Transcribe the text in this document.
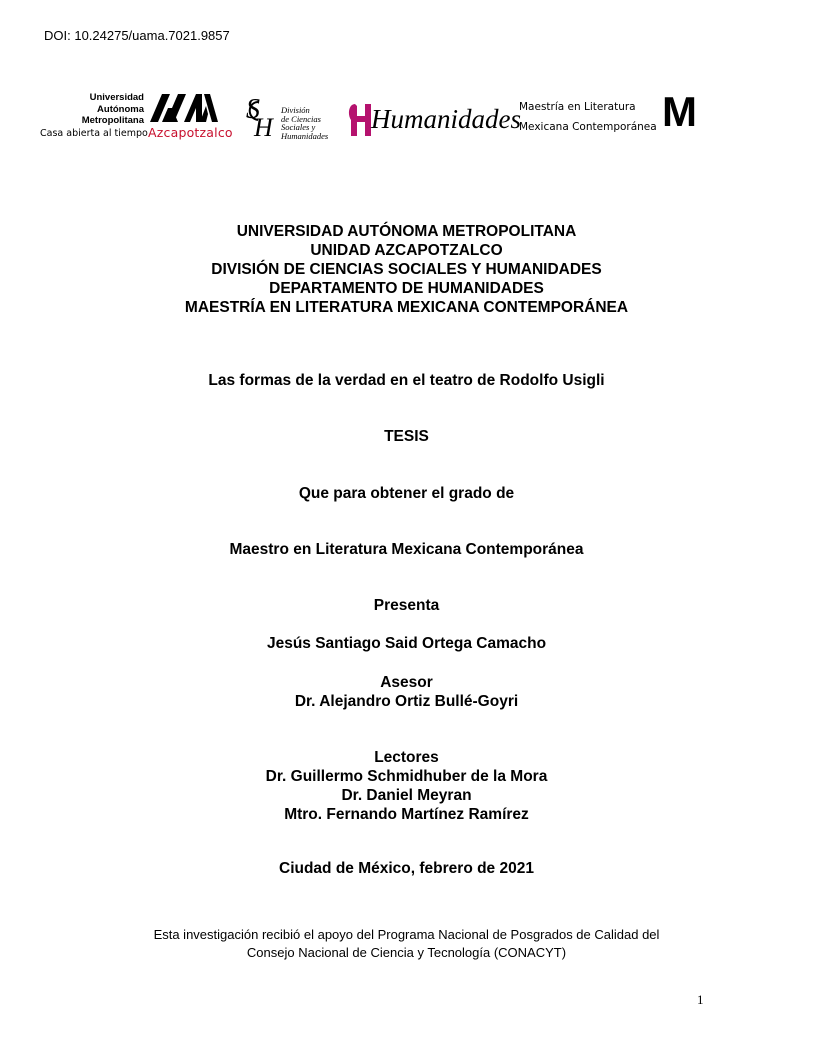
DOI: 10.24275/uama.7021.9857
Universidad
Autónoma
Metropolitana
Casa abierta al tiempo Azcapotzalco
S
H
División
de Ciencias
Sociales y
Humanidades
Humanidades
Maestría en Literatura
Mexicana Contemporánea M
UNIVERSIDAD AUTÓNOMA METROPOLITANA
UNIDAD AZCAPOTZALCO
DIVISIÓN DE CIENCIAS SOCIALES Y HUMANIDADES
DEPARTAMENTO DE HUMANIDADES
MAESTRÍA EN LITERATURA MEXICANA CONTEMPORÁNEA
Las formas de la verdad en el teatro de Rodolfo Usigli
TESIS
Que para obtener el grado de
Maestro en Literatura Mexicana Contemporánea
Presenta
Jesús Santiago Said Ortega Camacho
Asesor
Dr. Alejandro Ortiz Bullé-Goyri
Lectores
Dr. Guillermo Schmidhuber de la Mora
Dr. Daniel Meyran
Mtro. Fernando Martínez Ramírez
Ciudad de México, febrero de 2021
Esta investigación recibió el apoyo del Programa Nacional de Posgrados de Calidad del
Consejo Nacional de Ciencia y Tecnología (CONACYT)
1
